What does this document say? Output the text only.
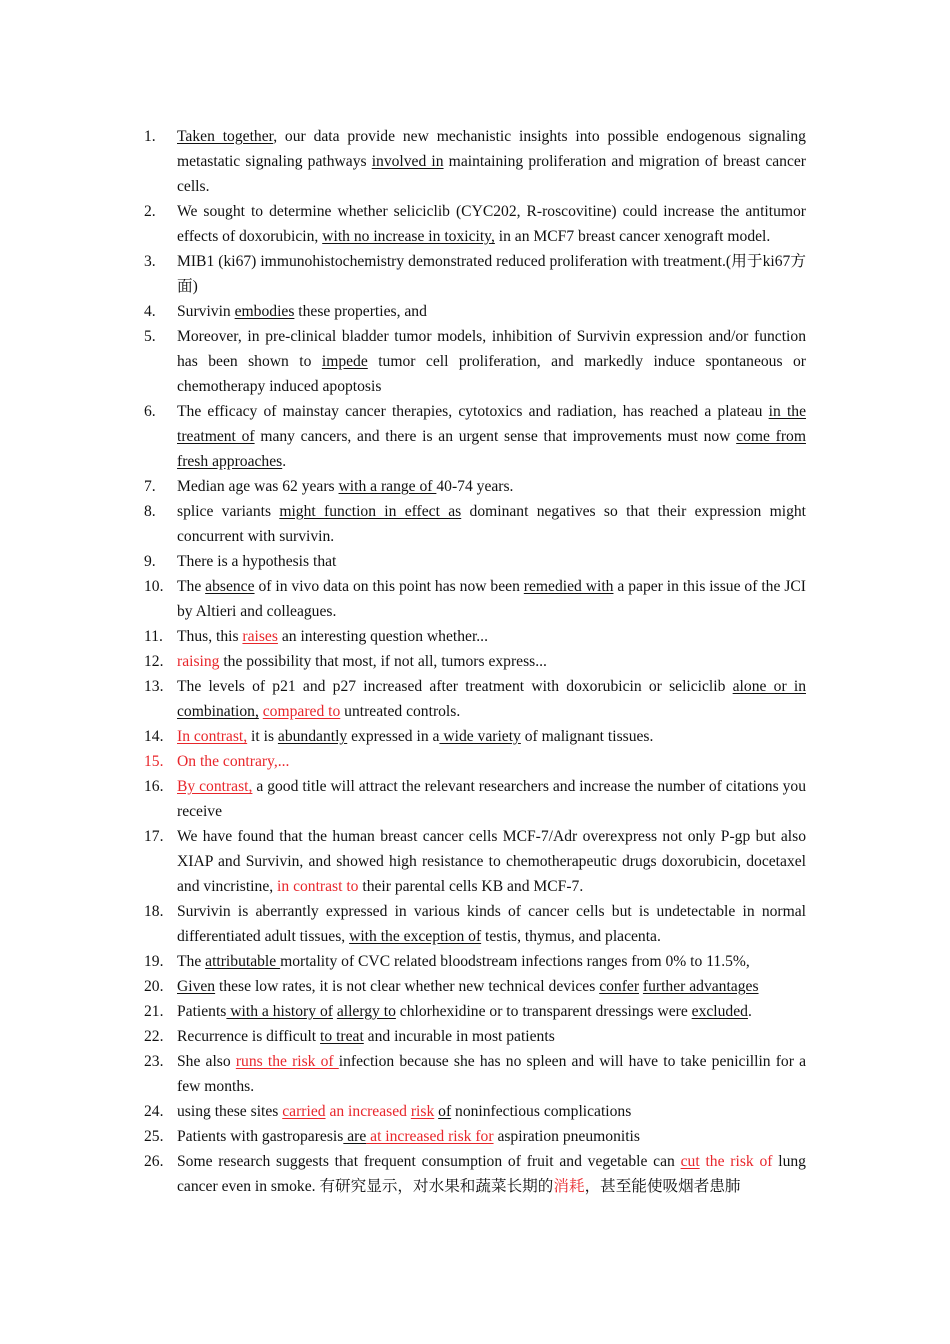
1. Taken together, our data provide new mechanistic insights into possible endogenous signaling metastatic signaling pathways involved in maintaining proliferation and migration of breast cancer cells.
2. We sought to determine whether seliciclib (CYC202, R-roscovitine) could increase the antitumor effects of doxorubicin, with no increase in toxicity, in an MCF7 breast cancer xenograft model.
3. MIB1 (ki67) immunohistochemistry demonstrated reduced proliferation with treatment.(用于ki67方面)
4. Survivin embodies these properties, and
5. Moreover, in pre-clinical bladder tumor models, inhibition of Survivin expression and/or function has been shown to impede tumor cell proliferation, and markedly induce spontaneous or chemotherapy induced apoptosis
6. The efficacy of mainstay cancer therapies, cytotoxics and radiation, has reached a plateau in the treatment of many cancers, and there is an urgent sense that improvements must now come from fresh approaches.
7. Median age was 62 years with a range of 40-74 years.
8. splice variants might function in effect as dominant negatives so that their expression might concurrent with survivin.
9. There is a hypothesis that
10. The absence of in vivo data on this point has now been remedied with a paper in this issue of the JCI by Altieri and colleagues.
11. Thus, this raises an interesting question whether...
12. raising the possibility that most, if not all, tumors express...
13. The levels of p21 and p27 increased after treatment with doxorubicin or seliciclib alone or in combination, compared to untreated controls.
14. In contrast, it is abundantly expressed in a wide variety of malignant tissues.
15. On the contrary,...
16. By contrast, a good title will attract the relevant researchers and increase the number of citations you receive
17. We have found that the human breast cancer cells MCF-7/Adr overexpress not only P-gp but also XIAP and Survivin, and showed high resistance to chemotherapeutic drugs doxorubicin, docetaxel and vincristine, in contrast to their parental cells KB and MCF-7.
18. Survivin is aberrantly expressed in various kinds of cancer cells but is undetectable in normal differentiated adult tissues, with the exception of testis, thymus, and placenta.
19. The attributable mortality of CVC related bloodstream infections ranges from 0% to 11.5%,
20. Given these low rates, it is not clear whether new technical devices confer further advantages
21. Patients with a history of allergy to chlorhexidine or to transparent dressings were excluded.
22. Recurrence is difficult to treat and incurable in most patients
23. She also runs the risk of infection because she has no spleen and will have to take penicillin for a few months.
24. using these sites carried an increased risk of noninfectious complications
25. Patients with gastroparesis are at increased risk for aspiration pneumonitis
26. Some research suggests that frequent consumption of fruit and vegetable can cut the risk of lung cancer even in smoke. 有研究显示，对水果和蔬菜长期的消耗，甚至能使吸烟者患肺
